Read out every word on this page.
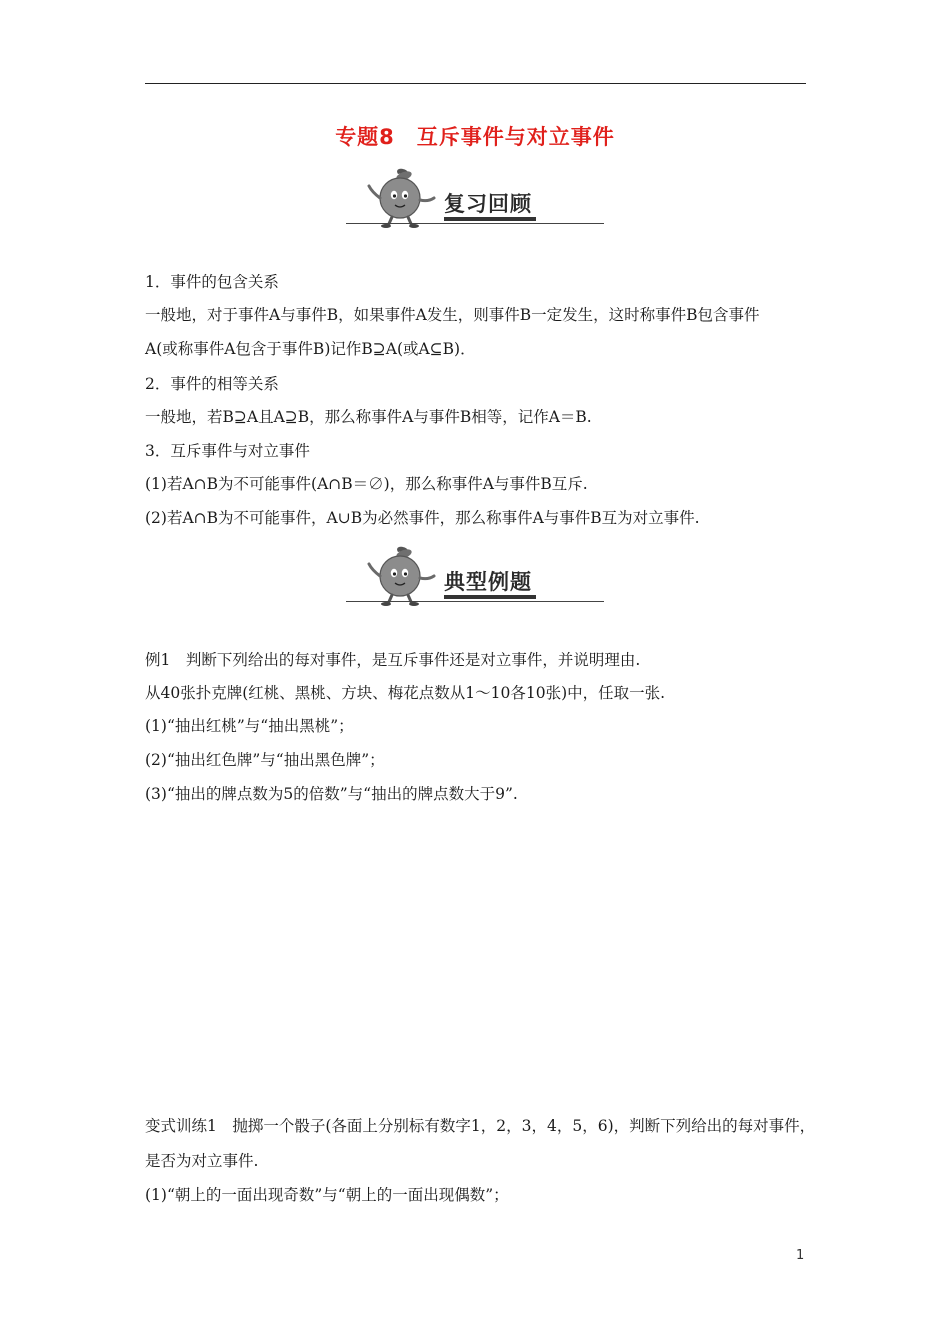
专题8　互斥事件与对立事件
复习回顾
1．事件的包含关系
一般地，对于事件A与事件B，如果事件A发生，则事件B一定发生，这时称事件B包含事件
A(或称事件A包含于事件B)记作B⊇A(或A⊆B)．
2．事件的相等关系
一般地，若B⊇A且A⊇B，那么称事件A与事件B相等，记作A＝B.
3．互斥事件与对立事件
(1)若A∩B为不可能事件(A∩B＝∅)，那么称事件A与事件B互斥.
(2)若A∩B为不可能事件，A∪B为必然事件，那么称事件A与事件B互为对立事件.
典型例题
例1　判断下列给出的每对事件，是互斥事件还是对立事件，并说明理由.
从40张扑克牌(红桃、黑桃、方块、梅花点数从1～10各10张)中，任取一张.
(1)“抽出红桃”与“抽出黑桃”；
(2)“抽出红色牌”与“抽出黑色牌”；
(3)“抽出的牌点数为5的倍数”与“抽出的牌点数大于9”.
变式训练1　抛掷一个骰子(各面上分别标有数字1，2，3，4，5，6)，判断下列给出的每对事件，
是否为对立事件.
(1)“朝上的一面出现奇数”与“朝上的一面出现偶数”；
1
